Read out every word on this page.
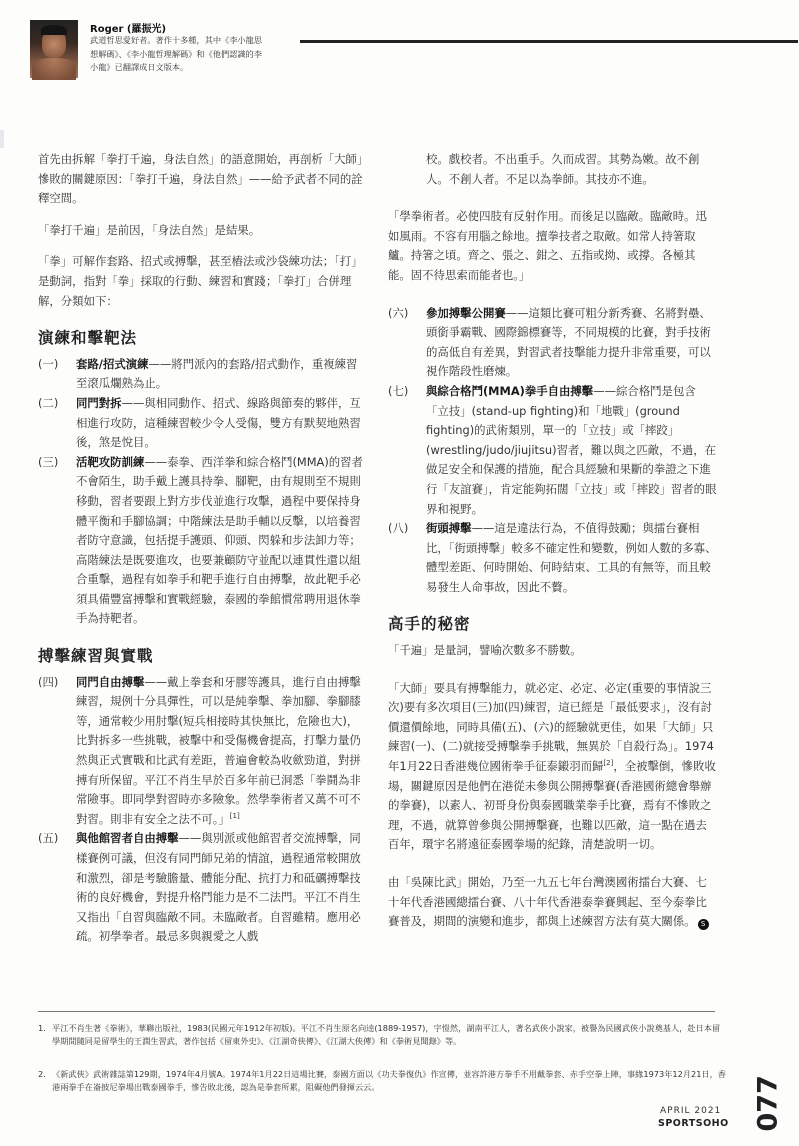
Roger (羅振光)
武道哲思愛好者。著作十多種，其中《李小龍思想解碼》、《李小龍哲理解碼》和《他們認識的李小龍》已翻譯成日文版本。

首先由拆解「拳打千遍，身法自然」的語意開始，再剖析「大師」慘敗的關鍵原因：「拳打千遍，身法自然」——給予武者不同的詮釋空間。

「拳打千遍」是前因，「身法自然」是結果。

「拳」可解作套路、招式或搏擊，甚至樁法或沙袋練功法；「打」是動詞，指對「拳」採取的行動、練習和實踐；「拳打」合併理解，分類如下：

演練和擊靶法
(一)	套路/招式演練——將門派內的套路/招式動作，重複練習至滾瓜爛熟為止。
(二)	同門對拆——與相同動作、招式、線路與節奏的夥伴，互相進行攻防，這種練習較少令人受傷，雙方有默契地熟習後，煞是悅目。
(三)	活靶攻防訓練——泰拳、西洋拳和綜合格鬥(MMA)的習者不會陌生，助手戴上護具持拳、腳靶，由有規則至不規則移動，習者要跟上對方步伐並進行攻擊，過程中要保持身體平衡和手腳協調；中階練法是助手輔以反擊，以培養習者防守意識，包括提手護頭、仰頭、閃躲和步法卸力等；高階練法是既要進攻，也要兼顧防守並配以連貫性還以組合重擊，過程有如拳手和靶手進行自由搏擊，故此靶手必須具備豐富搏擊和實戰經驗，泰國的拳館慣常聘用退休拳手為持靶者。
搏擊練習與實戰
(四)	同門自由搏擊——戴上拳套和牙膠等護具，進行自由搏擊練習，規例十分具彈性，可以是純拳擊、拳加腳、拳腳膝等，通常較少用肘擊(短兵相接時其快無比，危險也大)，比對拆多一些挑戰，被擊中和受傷機會提高，打擊力量仍然與正式實戰和比武有差距，普遍會較為收歛勁道，對拼搏有所保留。平江不肖生早於百多年前已洞悉「拳鬪為非常險事。即同學對習時亦多險象。然學拳術者又萬不可不對習。則非有安全之法不可。」[1]
(五)	與他館習者自由搏擊——與別派或他館習者交流搏擊，同樣賽例可議，但沒有同門師兄弟的情誼，過程通常較開放和激烈，卻是考驗膽量、體能分配、抗打力和砥礪搏擊技術的良好機會，對提升格鬥能力是不二法門。平江不肖生又指出「自習與臨敵不同。未臨敵者。自習雖精。應用必疏。初學拳者。最忌多與親愛之人戲

校。戲校者。不出重手。久而成習。其勢為嫩。故不創人。不創人者。不足以為拳師。其技亦不進。

「學拳術者。必使四肢有反射作用。而後足以臨敵。臨敵時。迅如風雨。不容有用腦之餘地。擅拳技者之取敵。如常人持箸取鱸。持箸之頃。齊之、張之、鉗之、五指或拗、或撐。各極其能。固不待思索而能者也。」

(六)	參加搏擊公開賽——這類比賽可粗分新秀賽、名將對壘、頭銜爭霸戰、國際錦標賽等，不同規模的比賽，對手技術的高低自有差異，對習武者技擊能力提升非常重要，可以視作階段性磨煉。
(七)	與綜合格鬥(MMA)拳手自由搏擊——綜合格鬥是包含「立技」(stand-up fighting)和「地戰」(ground fighting)的武術類別，單一的「立技」或「摔跤」(wrestling/judo/jiujitsu)習者，難以與之匹敵，不過，在做足安全和保護的措施，配合具經驗和果斷的拳證之下進行「友誼賽」，肯定能夠拓闊「立技」或「摔跤」習者的眼界和視野。
(八)	街頭搏擊——這是違法行為，不值得鼓勵；與擂台賽相比，「街頭搏擊」較多不確定性和變數，例如人數的多寡、體型差距、何時開始、何時結束、工具的有無等，而且較易發生人命事故，因此不贅。
高手的秘密

「千遍」是量詞，譬喻次數多不勝數。

「大師」要具有搏擊能力，就必定、必定、必定(重要的事情說三次)要有多次項目(三)加(四)練習，這已經是「最低要求」，沒有討價還價餘地，同時具備(五)、(六)的經驗就更佳，如果「大師」只練習(一)、(二)就接受搏擊拳手挑戰，無異於「自殺行為」。1974年1月22日香港幾位國術拳手征泰鎩羽而歸[2]，全被擊倒，慘敗收場，關鍵原因是他們在港從未參與公開搏擊賽(香港國術總會舉辦的拳賽)，以素人、初哥身份與泰國職業拳手比賽，焉有不慘敗之理，不過，就算曾參與公開搏擊賽，也難以匹敵，這一點在過去百年，環宇名將遠征泰國拳場的紀錄，清楚說明一切。

由「吳陳比武」開始，乃至一九五七年台灣澳國術擂台大賽、七十年代香港國總擂台賽、八十年代香港泰拳賽興起、至今泰拳比賽普及，期間的演變和進步，都與上述練習方法有莫大關係。 S

1. 平江不肖生著《拳術》，華聯出版社，1983(民國元年1912年初版)。平江不肖生原名向逵(1889-1957)，字愷然，湖南平江人，著名武俠小說家，被譽為民國武俠小說奠基人，赴日本留學期間隨同是留學生的王潤生習武，著作包括《留東外史》、《江湖奇俠傳》、《江湖大俠傳》和《拳術見聞錄》等。
2. 《新武俠》武術雜誌第129期，1974年4月號A。1974年1月22日這場比賽，泰國方面以《功夫拳復仇》作宣傳，並容許港方拳手不用戴拳套、赤手空拳上陣，事緣1973年12月21日，香港兩拳手在崙披尼拳場出戰泰國拳手，慘告敗北後，認為是拳套所累，阻礙他們發揮云云。
APRIL 2021
SPORTSOHO 077
